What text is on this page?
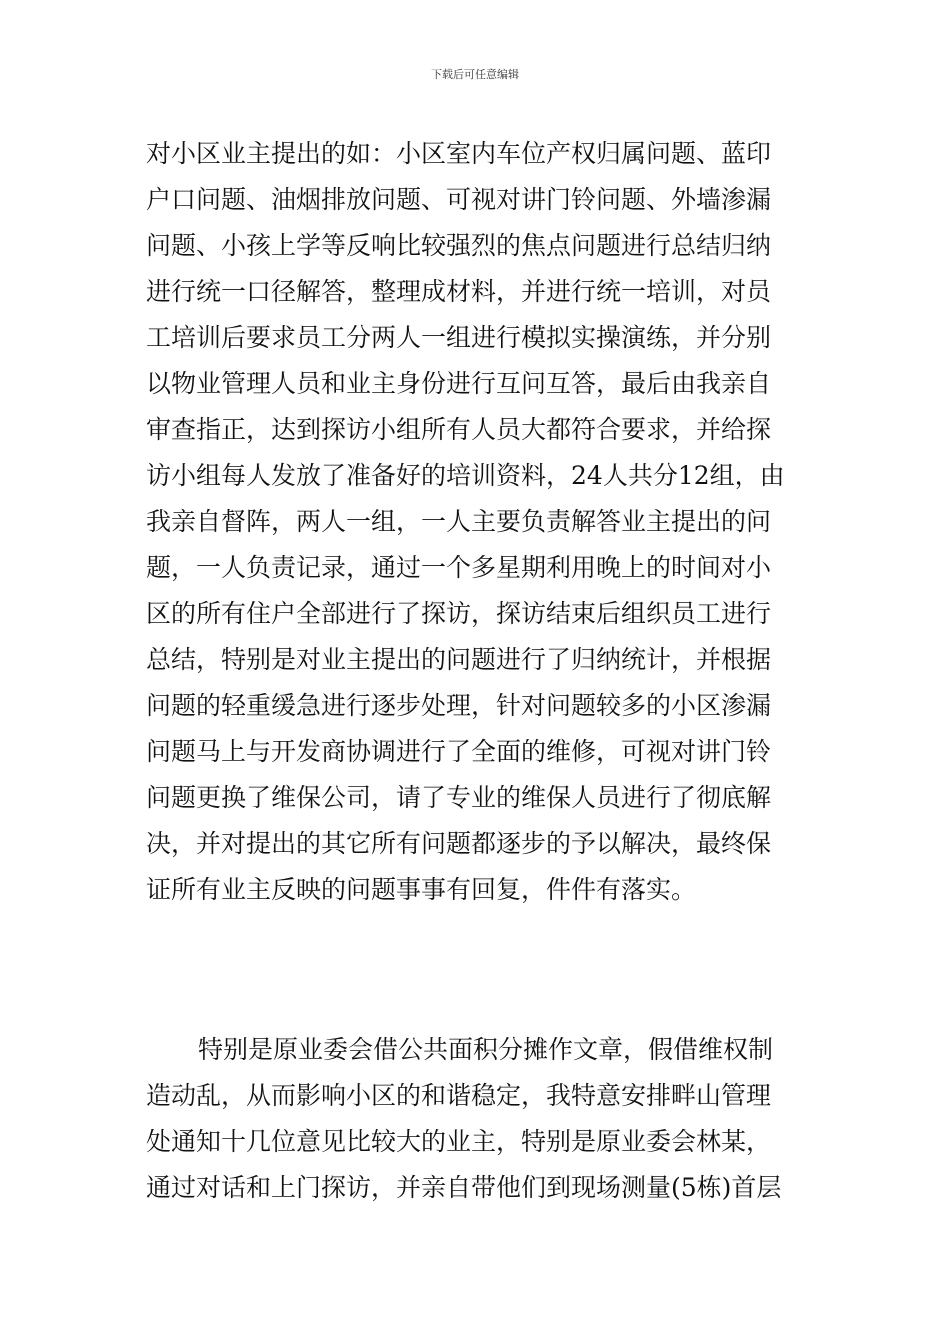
下载后可任意编辑
对小区业主提出的如：小区室内车位产权归属问题、蓝印
户口问题、油烟排放问题、可视对讲门铃问题、外墙渗漏
问题、小孩上学等反响比较强烈的焦点问题进行总结归纳
进行统一口径解答，整理成材料，并进行统一培训，对员
工培训后要求员工分两人一组进行模拟实操演练，并分别
以物业管理人员和业主身份进行互问互答，最后由我亲自
审查指正，达到探访小组所有人员大都符合要求，并给探
访小组每人发放了准备好的培训资料，24人共分12组，由
我亲自督阵，两人一组，一人主要负责解答业主提出的问
题，一人负责记录，通过一个多星期利用晚上的时间对小
区的所有住户全部进行了探访，探访结束后组织员工进行
总结，特别是对业主提出的问题进行了归纳统计，并根据
问题的轻重缓急进行逐步处理，针对问题较多的小区渗漏
问题马上与开发商协调进行了全面的维修，可视对讲门铃
问题更换了维保公司，请了专业的维保人员进行了彻底解
决，并对提出的其它所有问题都逐步的予以解决，最终保
证所有业主反映的问题事事有回复，件件有落实。
特别是原业委会借公共面积分摊作文章，假借维权制
造动乱，从而影响小区的和谐稳定，我特意安排畔山管理
处通知十几位意见比较大的业主，特别是原业委会林某，
通过对话和上门探访，并亲自带他们到现场测量(5栋)首层
